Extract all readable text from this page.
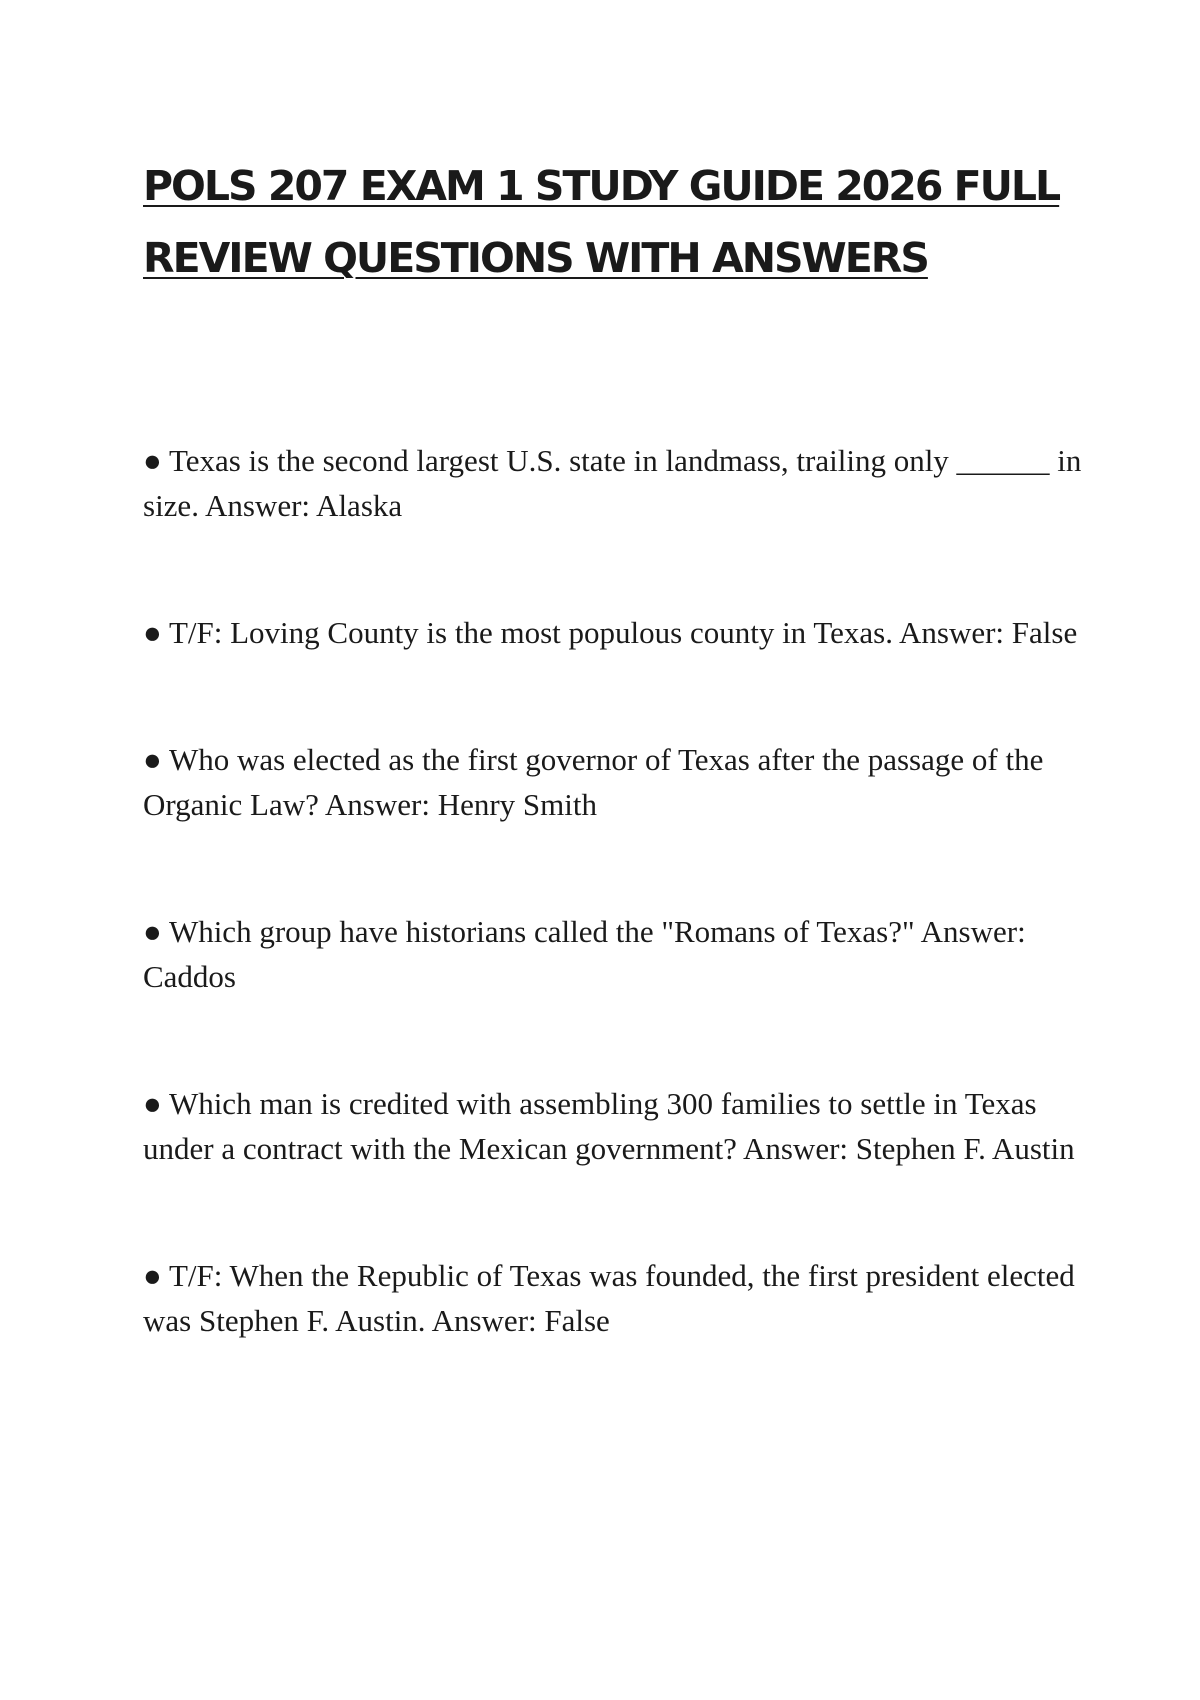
POLS 207 EXAM 1 STUDY GUIDE 2026 FULL REVIEW QUESTIONS WITH ANSWERS
● Texas is the second largest U.S. state in landmass, trailing only ______ in size. Answer: Alaska
● T/F: Loving County is the most populous county in Texas. Answer: False
● Who was elected as the first governor of Texas after the passage of the Organic Law? Answer: Henry Smith
● Which group have historians called the "Romans of Texas?" Answer: Caddos
● Which man is credited with assembling 300 families to settle in Texas under a contract with the Mexican government? Answer: Stephen F. Austin
● T/F: When the Republic of Texas was founded, the first president elected was Stephen F. Austin. Answer: False
